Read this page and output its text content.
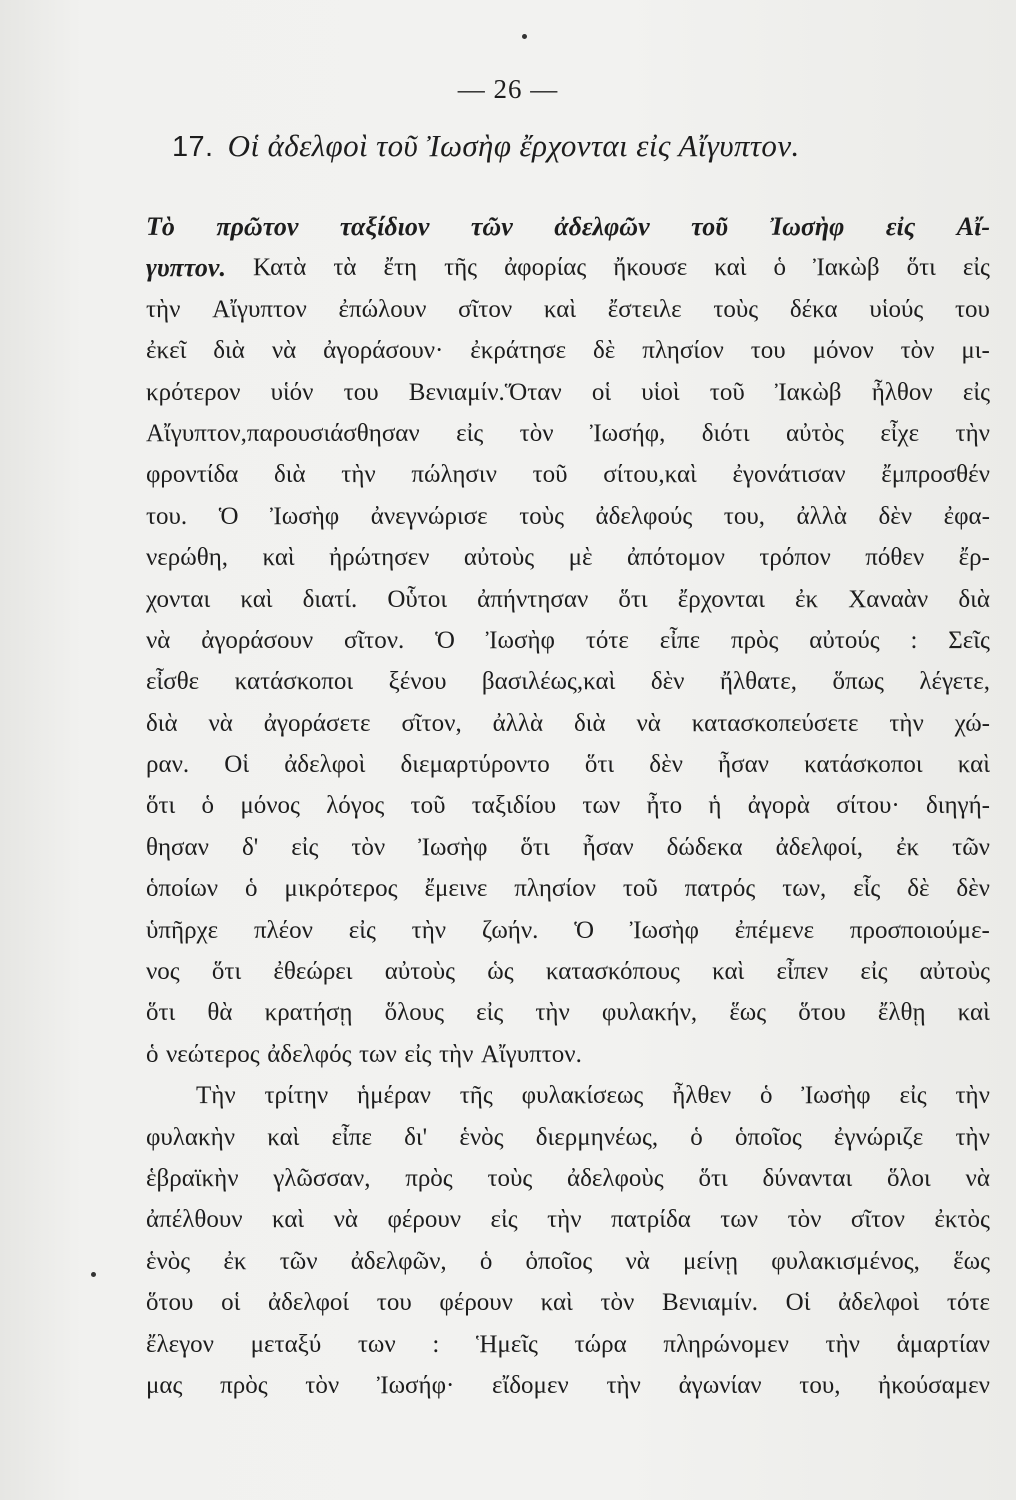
— 26 —
17. Οἱ ἀδελφοὶ τοῦ Ἰωσὴφ ἔρχονται εἰς Αἴγυπτον.
Τὸ πρῶτον ταξίδιον τῶν ἀδελφῶν τοῦ Ἰωσὴφ εἰς Αἴ-
γυπτον. Κατὰ τὰ ἔτη τῆς ἀφορίας ἤκουσε καὶ ὁ Ἰακὼβ ὅτι εἰς
τὴν Αἴγυπτον ἐπώλουν σῖτον καὶ ἔστειλε τοὺς δέκα υἱούς του
ἐκεῖ διὰ νὰ ἀγοράσουν· ἐκράτησε δὲ πλησίον του μόνον τὸν μι-
κρότερον υἱόν του Βενιαμίν.Ὅταν οἱ υἱοὶ τοῦ Ἰακὼβ ἦλθον εἰς
Αἴγυπτον,παρουσιάσθησαν εἰς τὸν Ἰωσήφ, διότι αὐτὸς εἶχε τὴν
φροντίδα διὰ τὴν πώλησιν τοῦ σίτου,καὶ ἐγονάτισαν ἔμπροσθέν
του. Ὁ Ἰωσὴφ ἀνεγνώρισε τοὺς ἀδελφούς του, ἀλλὰ δὲν ἐφα-
νερώθη, καὶ ἠρώτησεν αὐτοὺς μὲ ἀπότομον τρόπον πόθεν ἔρ-
χονται καὶ διατί. Οὗτοι ἀπήντησαν ὅτι ἔρχονται ἐκ Χαναὰν διὰ
νὰ ἀγοράσουν σῖτον. Ὁ Ἰωσὴφ τότε εἶπε πρὸς αὐτούς : Σεῖς
εἶσθε κατάσκοποι ξένου βασιλέως,καὶ δὲν ἤλθατε, ὅπως λέγετε,
διὰ νὰ ἀγοράσετε σῖτον, ἀλλὰ διὰ νὰ κατασκοπεύσετε τὴν χώ-
ραν. Οἱ ἀδελφοὶ διεμαρτύροντο ὅτι δὲν ἦσαν κατάσκοποι καὶ
ὅτι ὁ μόνος λόγος τοῦ ταξιδίου των ἦτο ἡ ἀγορὰ σίτου· διηγή-
θησαν δ' εἰς τὸν Ἰωσὴφ ὅτι ἦσαν δώδεκα ἀδελφοί, ἐκ τῶν
ὁποίων ὁ μικρότερος ἔμεινε πλησίον τοῦ πατρός των, εἷς δὲ δὲν
ὑπῆρχε πλέον εἰς τὴν ζωήν. Ὁ Ἰωσὴφ ἐπέμενε προσποιούμε-
νος ὅτι ἐθεώρει αὐτοὺς ὡς κατασκόπους καὶ εἶπεν εἰς αὐτοὺς
ὅτι θὰ κρατήσῃ ὅλους εἰς τὴν φυλακήν, ἕως ὅτου ἔλθῃ καὶ
ὁ νεώτερος ἀδελφός των εἰς τὴν Αἴγυπτον.
Τὴν τρίτην ἡμέραν τῆς φυλακίσεως ἦλθεν ὁ Ἰωσὴφ εἰς τὴν
φυλακὴν καὶ εἶπε δι' ἑνὸς διερμηνέως, ὁ ὁποῖος ἐγνώριζε τὴν
ἑβραϊκὴν γλῶσσαν, πρὸς τοὺς ἀδελφοὺς ὅτι δύνανται ὅλοι νὰ
ἀπέλθουν καὶ νὰ φέρουν εἰς τὴν πατρίδα των τὸν σῖτον ἐκτὸς
ἑνὸς ἐκ τῶν ἀδελφῶν, ὁ ὁποῖος νὰ μείνῃ φυλακισμένος, ἕως
ὅτου οἱ ἀδελφοί του φέρουν καὶ τὸν Βενιαμίν. Οἱ ἀδελφοὶ τότε
ἔλεγον μεταξύ των : Ἡμεῖς τώρα πληρώνομεν τὴν ἁμαρτίαν
μας πρὸς τὸν Ἰωσήφ· εἴδομεν τὴν ἀγωνίαν του, ἠκούσαμεν
